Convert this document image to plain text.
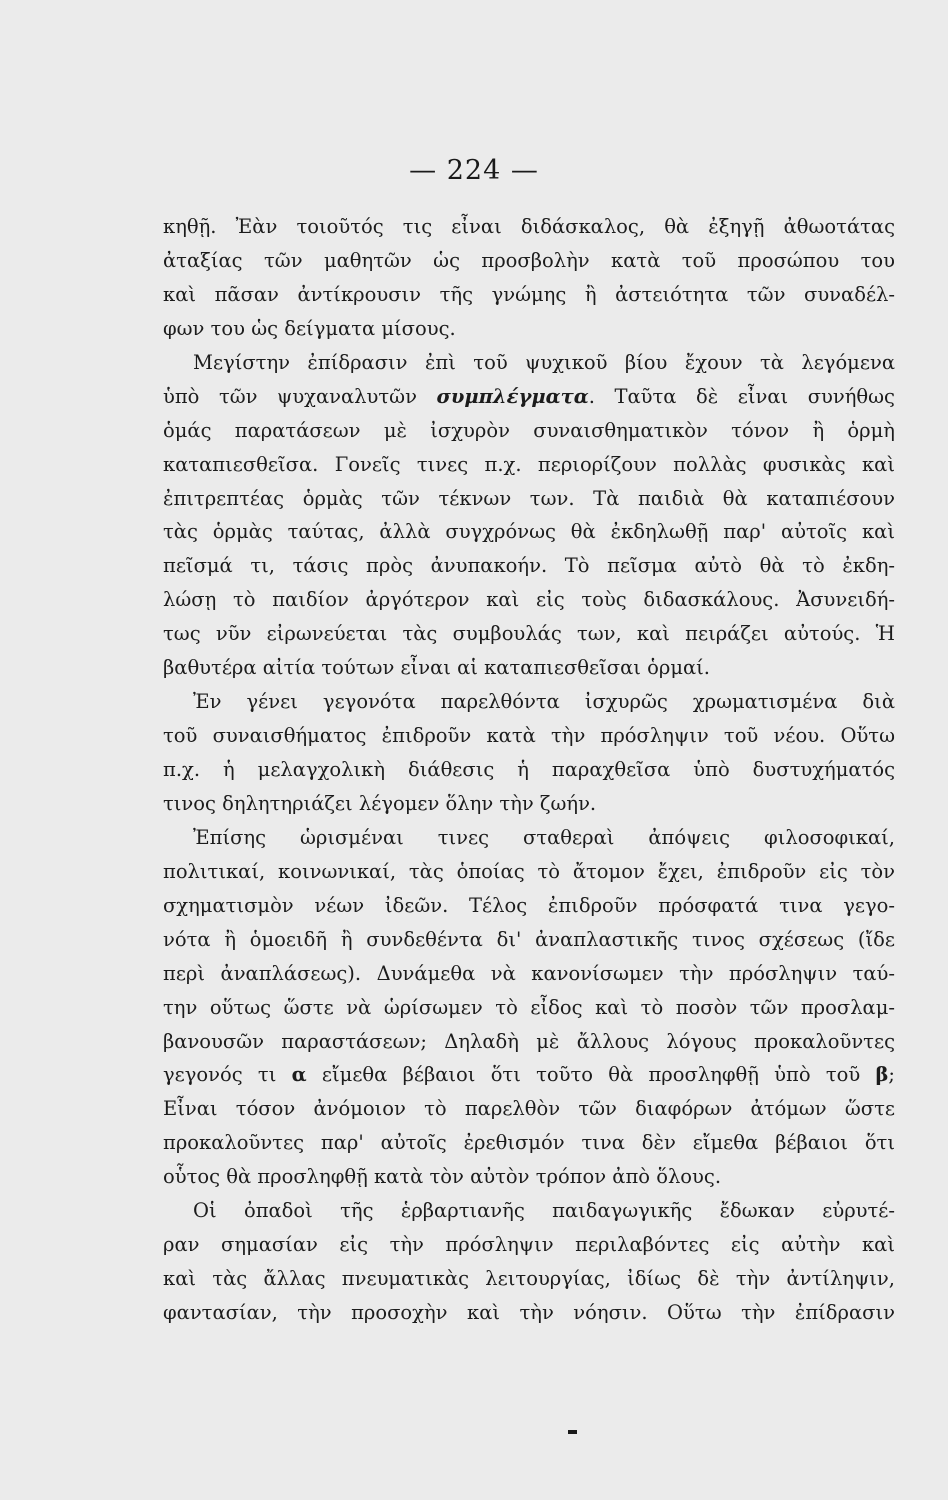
— 224 —
κηθῇ. Ἐὰν τοιοῦτός τις εἶναι διδάσκαλος, θὰ ἐξηγῇ ἀθωοτάτας
ἀταξίας τῶν μαθητῶν ὡς προσβολὴν κατὰ τοῦ προσώπου του
καὶ πᾶσαν ἀντίκρουσιν τῆς γνώμης ἢ ἀστειότητα τῶν συναδέλ-
φων του ὡς δείγματα μίσους.
Μεγίστην ἐπίδρασιν ἐπὶ τοῦ ψυχικοῦ βίου ἔχουν τὰ λεγόμενα
ὑπὸ τῶν ψυχαναλυτῶν συμπλέγματα. Ταῦτα δὲ εἶναι συνήθως
ὁμάς παρατάσεων μὲ ἰσχυρὸν συναισθηματικὸν τόνον ἢ ὁρμὴ
καταπιεσθεῖσα. Γονεῖς τινες π.χ. περιορίζουν πολλὰς φυσικὰς καὶ
ἐπιτρεπτέας ὁρμὰς τῶν τέκνων των. Τὰ παιδιὰ θὰ καταπιέσουν
τὰς ὁρμὰς ταύτας, ἀλλὰ συγχρόνως θὰ ἐκδηλωθῇ παρ' αὐτοῖς καὶ
πεῖσμά τι, τάσις πρὸς ἀνυπακοήν. Τὸ πεῖσμα αὐτὸ θὰ τὸ ἐκδη-
λώσῃ τὸ παιδίον ἀργότερον καὶ εἰς τοὺς διδασκάλους. Ἀσυνειδή-
τως νῦν εἰρωνεύεται τὰς συμβουλάς των, καὶ πειράζει αὐτούς. Ἡ
βαθυτέρα αἰτία τούτων εἶναι αἱ καταπιεσθεῖσαι ὁρμαί.
Ἐν γένει γεγονότα παρελθόντα ἰσχυρῶς χρωματισμένα διὰ
τοῦ συναισθήματος ἐπιδροῦν κατὰ τὴν πρόσληψιν τοῦ νέου. Οὕτω
π.χ. ἡ μελαγχολικὴ διάθεσις ἡ παραχθεῖσα ὑπὸ δυστυχήματός
τινος δηλητηριάζει λέγομεν ὅλην τὴν ζωήν.
Ἐπίσης ὡρισμέναι τινες σταθεραὶ ἀπόψεις φιλοσοφικαί,
πολιτικαί, κοινωνικαί, τὰς ὁποίας τὸ ἄτομον ἔχει, ἐπιδροῦν εἰς τὸν
σχηματισμὸν νέων ἰδεῶν. Τέλος ἐπιδροῦν πρόσφατά τινα γεγο-
νότα ἢ ὁμοειδῆ ἢ συνδεθέντα δι' ἀναπλαστικῆς τινος σχέσεως (ἴδε
περὶ ἀναπλάσεως). Δυνάμεθα νὰ κανονίσωμεν τὴν πρόσληψιν ταύ-
την οὕτως ὥστε νὰ ὡρίσωμεν τὸ εἶδος καὶ τὸ ποσὸν τῶν προσλαμ-
βανουσῶν παραστάσεων; Δηλαδὴ μὲ ἄλλους λόγους προκαλοῦντες
γεγονός τι α εἴμεθα βέβαιοι ὅτι τοῦτο θὰ προσληφθῇ ὑπὸ τοῦ β;
Εἶναι τόσον ἀνόμοιον τὸ παρελθὸν τῶν διαφόρων ἀτόμων ὥστε
προκαλοῦντες παρ' αὐτοῖς ἐρεθισμόν τινα δὲν εἴμεθα βέβαιοι ὅτι
οὗτος θὰ προσληφθῇ κατὰ τὸν αὐτὸν τρόπον ἀπὸ ὅλους.
Οἱ ὀπαδοὶ τῆς ἑρβαρτιανῆς παιδαγωγικῆς ἔδωκαν εὐρυτέ-
ραν σημασίαν εἰς τὴν πρόσληψιν περιλαβόντες εἰς αὐτὴν καὶ
καὶ τὰς ἄλλας πνευματικὰς λειτουργίας, ἰδίως δὲ τὴν ἀντίληψιν,
φαντασίαν, τὴν προσοχὴν καὶ τὴν νόησιν. Οὕτω τὴν ἐπίδρασιν
